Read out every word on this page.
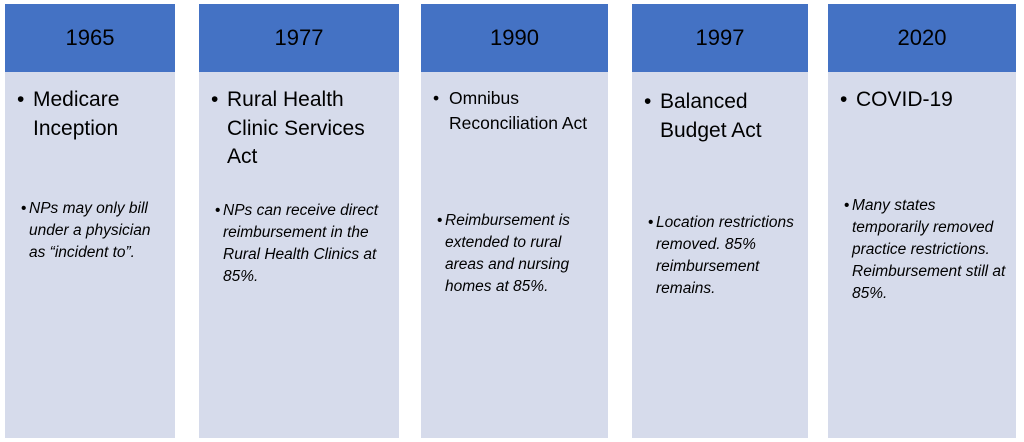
1965
• Medicare Inception
• NPs may only bill under a physician as “incident to”.
1977
• Rural Health Clinic Services Act
• NPs can receive direct reimbursement in the Rural Health Clinics at 85%.
1990
• Omnibus Reconciliation Act
• Reimbursement is extended to rural areas and nursing homes at 85%.
1997
• Balanced Budget Act
• Location restrictions removed. 85% reimbursement remains.
2020
• COVID-19
• Many states temporarily removed practice restrictions. Reimbursement still at 85%.
